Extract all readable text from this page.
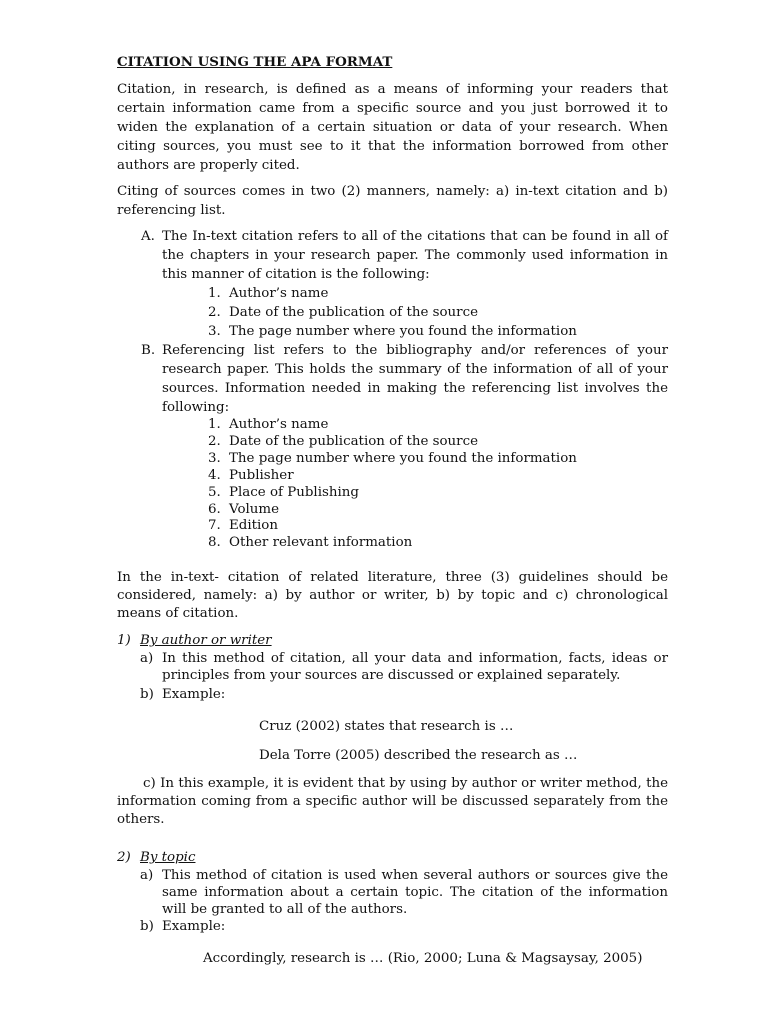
CITATION USING THE APA FORMAT

Citation, in research, is defined as a means of informing your readers that certain information came from a specific source and you just borrowed it to widen the explanation of a certain situation or data of your research. When citing sources, you must see to it that the information borrowed from other authors are properly cited.

Citing of sources comes in two (2) manners, namely: a) in-text citation and b) referencing list.

A. The In-text citation refers to all of the citations that can be found in all of the chapters in your research paper. The commonly used information in this manner of citation is the following:
1. Author’s name
2. Date of the publication of the source
3. The page number where you found the information
B. Referencing list refers to the bibliography and/or references of your research paper. This holds the summary of the information of all of your sources. Information needed in making the referencing list involves the following:
1. Author’s name
2. Date of the publication of the source
3. The page number where you found the information
4. Publisher
5. Place of Publishing
6. Volume
7. Edition
8. Other relevant information

In the in-text- citation of related literature, three (3) guidelines should be considered, namely: a) by author or writer, b) by topic and c) chronological means of citation.

1) By author or writer
a) In this method of citation, all your data and information, facts, ideas or principles from your sources are discussed or explained separately.
b) Example:

Cruz (2002) states that research is …

Dela Torre (2005) described the research as …

c) In this example, it is evident that by using by author or writer method, the information coming from a specific author will be discussed separately from the others.

2) By topic
a) This method of citation is used when several authors or sources give the same information about a certain topic. The citation of the information will be granted to all of the authors.
b) Example:

Accordingly, research is … (Rio, 2000; Luna & Magsaysay, 2005)
